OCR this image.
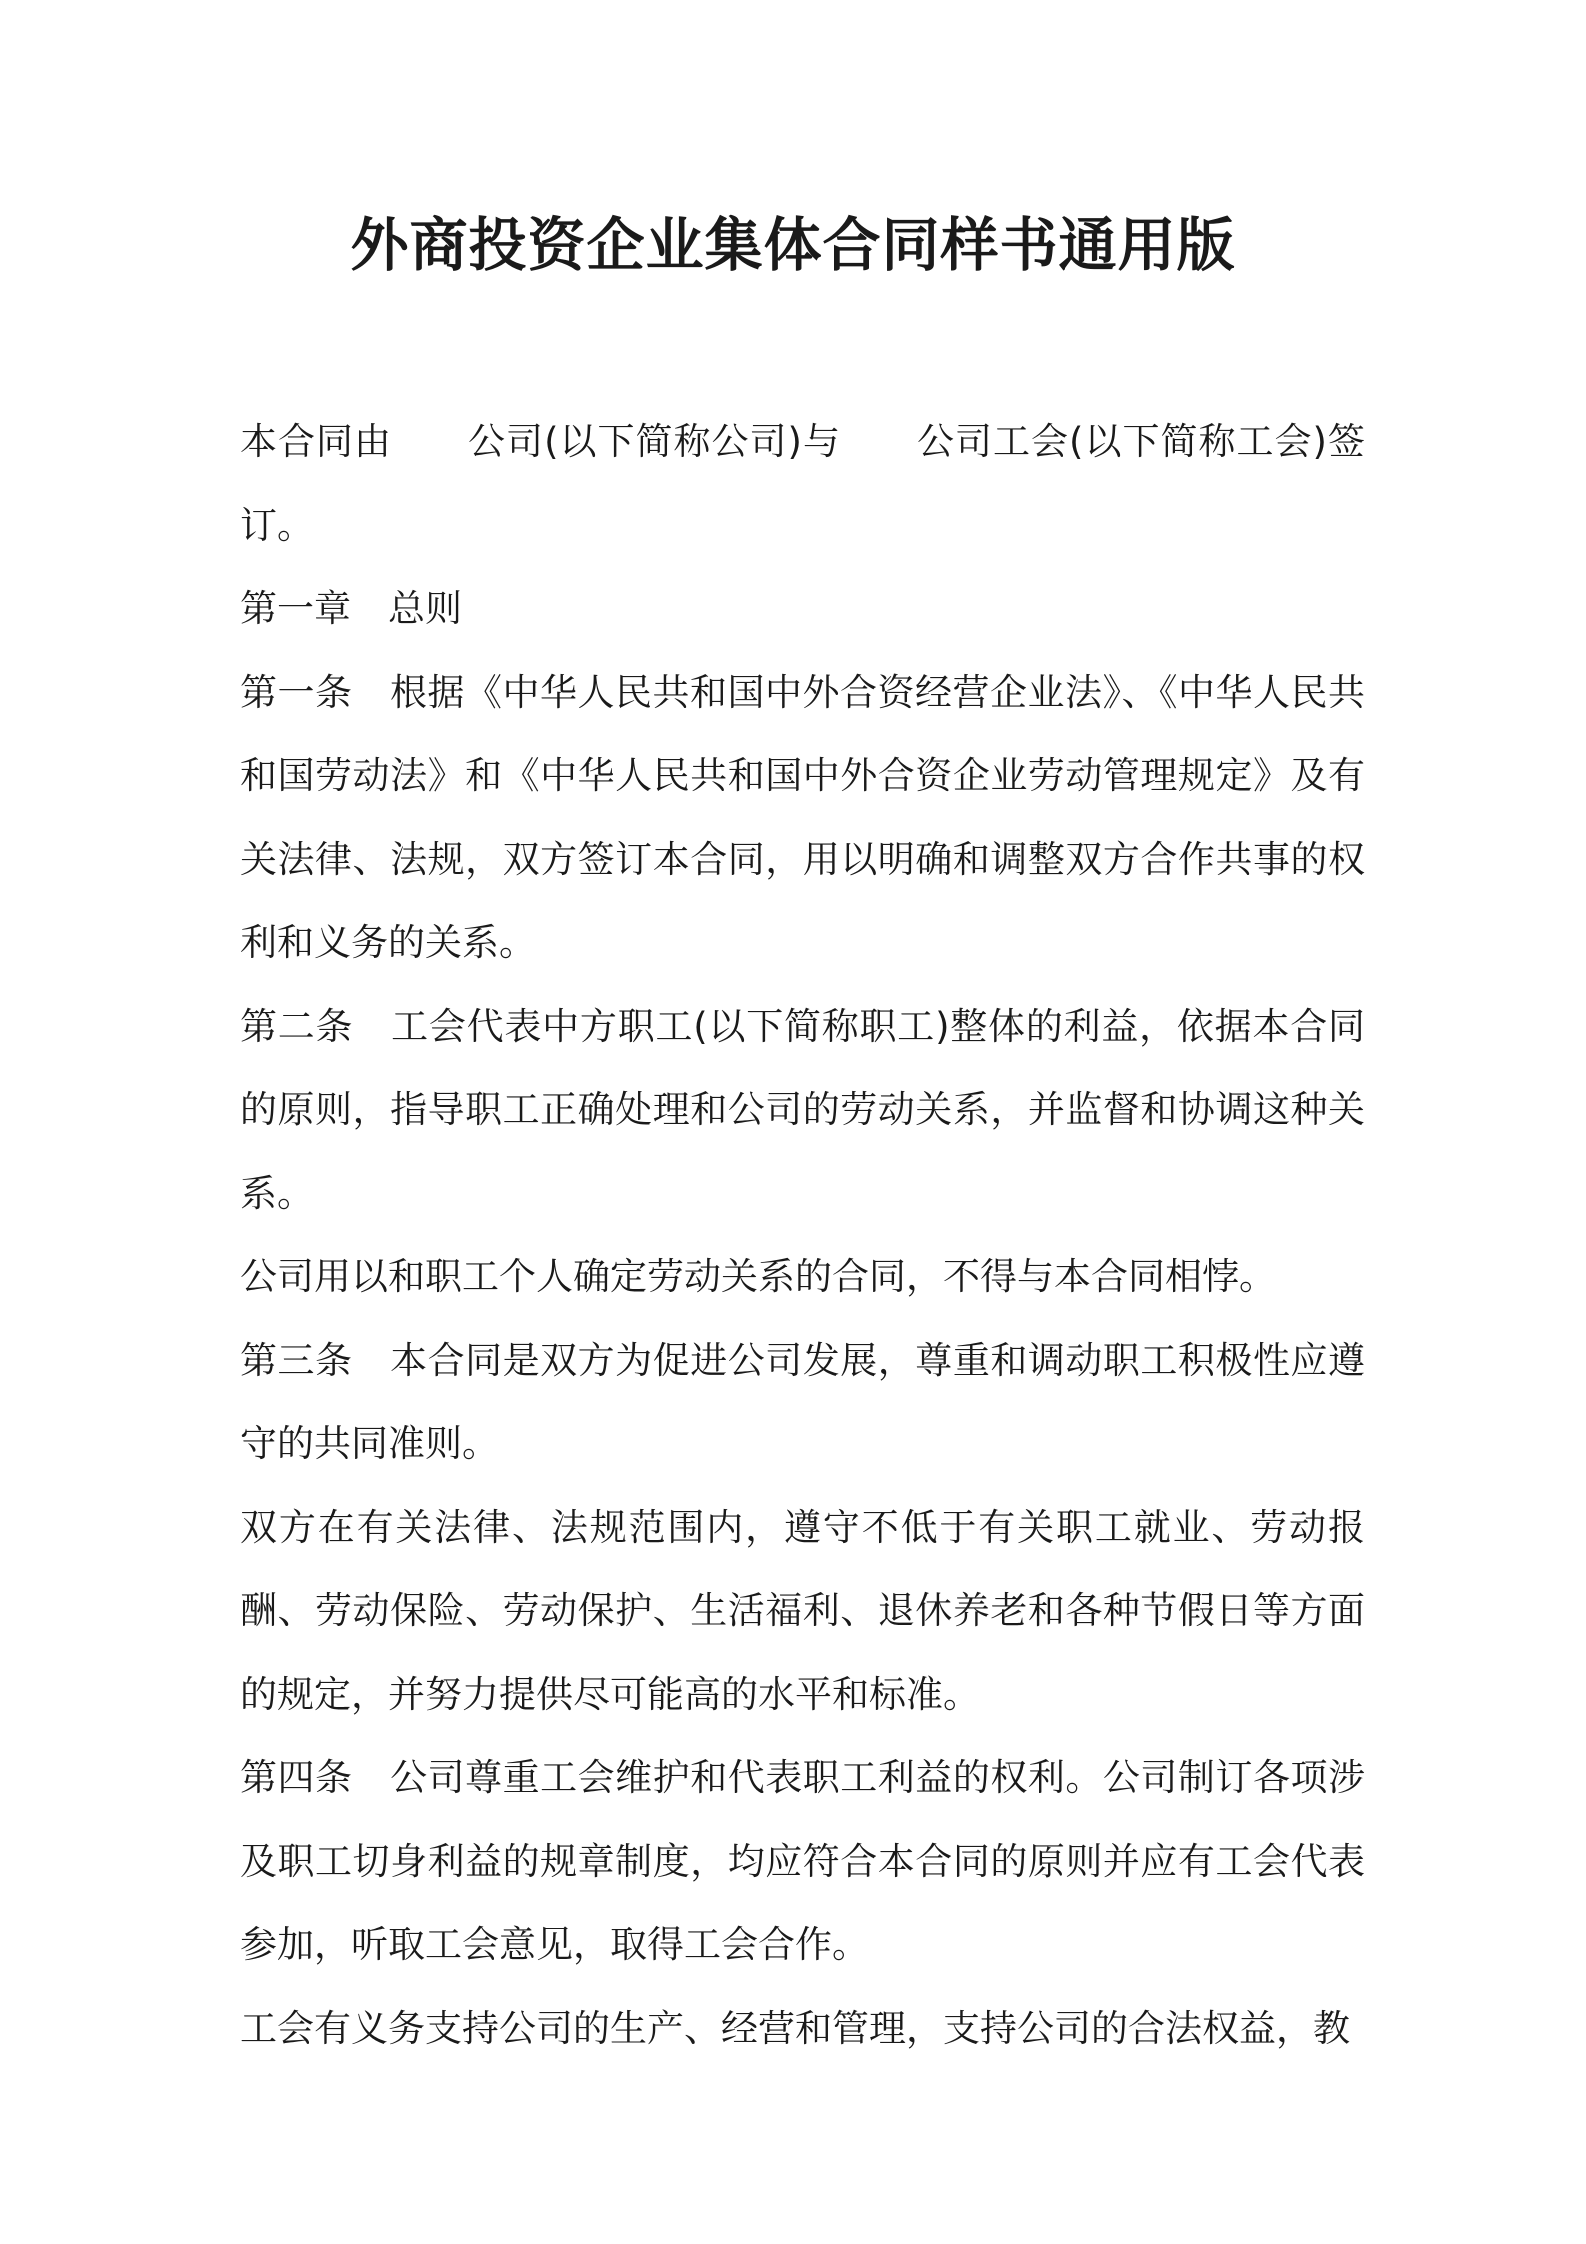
外商投资企业集体合同样书通用版

本合同由　　公司(以下简称公司)与　　公司工会(以下简称工会)签订。

第一章　总则

第一条　根据《中华人民共和国中外合资经营企业法》、《中华人民共和国劳动法》和《中华人民共和国中外合资企业劳动管理规定》及有关法律、法规，双方签订本合同，用以明确和调整双方合作共事的权利和义务的关系。

第二条　工会代表中方职工(以下简称职工)整体的利益，依据本合同的原则，指导职工正确处理和公司的劳动关系，并监督和协调这种关系。

公司用以和职工个人确定劳动关系的合同，不得与本合同相悖。

第三条　本合同是双方为促进公司发展，尊重和调动职工积极性应遵守的共同准则。

双方在有关法律、法规范围内，遵守不低于有关职工就业、劳动报酬、劳动保险、劳动保护、生活福利、退休养老和各种节假日等方面的规定，并努力提供尽可能高的水平和标准。

第四条　公司尊重工会维护和代表职工利益的权利。公司制订各项涉及职工切身利益的规章制度，均应符合本合同的原则并应有工会代表参加，听取工会意见，取得工会合作。

工会有义务支持公司的生产、经营和管理，支持公司的合法权益，教
